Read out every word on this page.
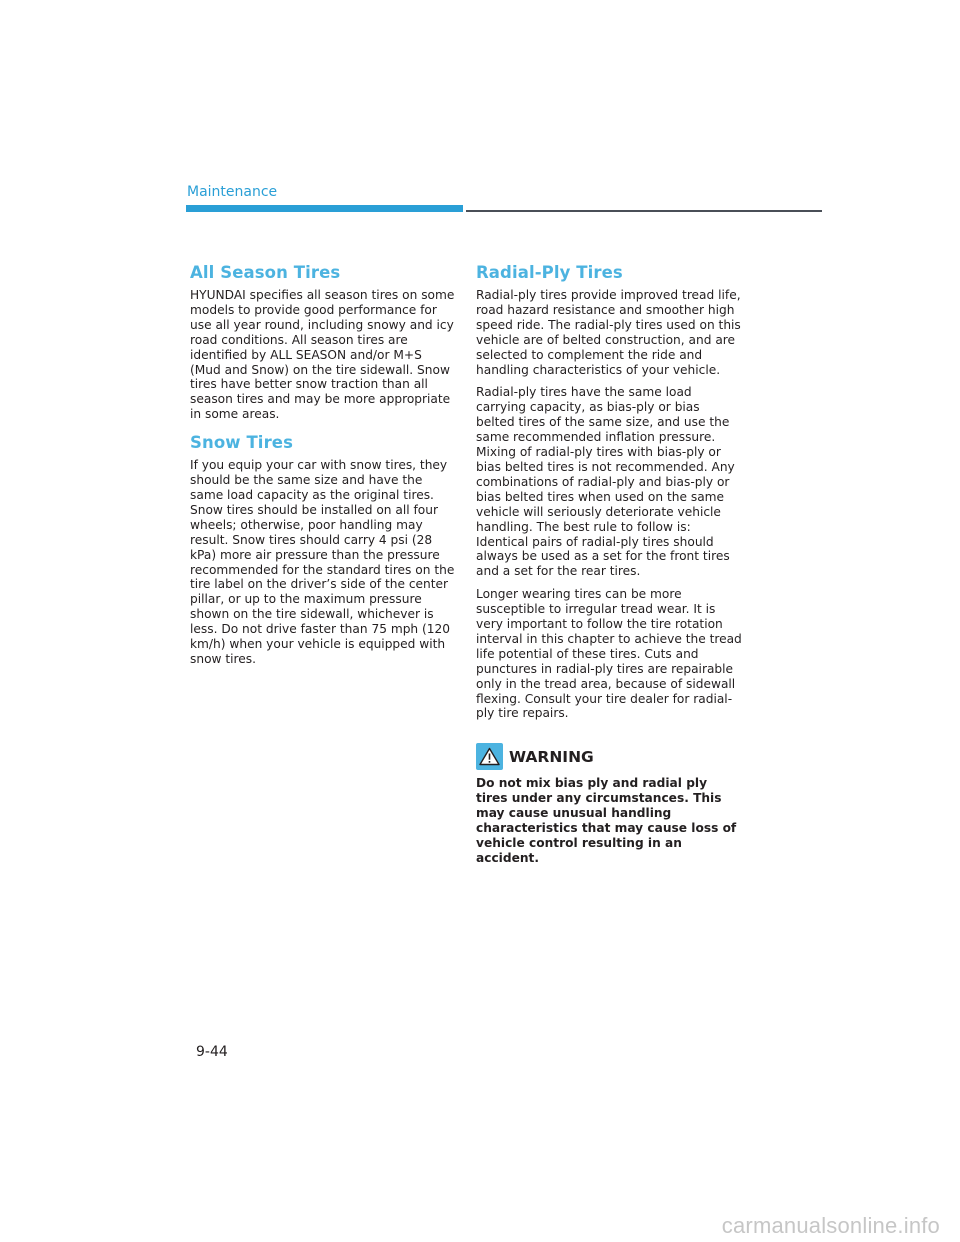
Maintenance
All Season Tires

HYUNDAI specifies all season tires on some models to provide good performance for use all year round, including snowy and icy road conditions. All season tires are identified by ALL SEASON and/or M+S (Mud and Snow) on the tire sidewall. Snow tires have better snow traction than all season tires and may be more appropriate in some areas.

Snow Tires

If you equip your car with snow tires, they should be the same size and have the same load capacity as the original tires. Snow tires should be installed on all four wheels; otherwise, poor handling may result. Snow tires should carry 4 psi (28 kPa) more air pressure than the pressure recommended for the standard tires on the tire label on the driver’s side of the center pillar, or up to the maximum pressure shown on the tire sidewall, whichever is less. Do not drive faster than 75 mph (120 km/h) when your vehicle is equipped with snow tires.

Radial-Ply Tires

Radial-ply tires provide improved tread life, road hazard resistance and smoother high speed ride. The radial-ply tires used on this vehicle are of belted construction, and are selected to complement the ride and handling characteristics of your vehicle.

Radial-ply tires have the same load carrying capacity, as bias-ply or bias belted tires of the same size, and use the same recommended inflation pressure. Mixing of radial-ply tires with bias-ply or bias belted tires is not recommended. Any combinations of radial-ply and bias-ply or bias belted tires when used on the same vehicle will seriously deteriorate vehicle handling. The best rule to follow is: Identical pairs of radial-ply tires should always be used as a set for the front tires and a set for the rear tires.

Longer wearing tires can be more susceptible to irregular tread wear. It is very important to follow the tire rotation interval in this chapter to achieve the tread life potential of these tires. Cuts and punctures in radial-ply tires are repairable only in the tread area, because of sidewall flexing. Consult your tire dealer for radial-ply tire repairs.

WARNING

Do not mix bias ply and radial ply tires under any circumstances. This may cause unusual handling characteristics that may cause loss of vehicle control resulting in an accident.

9-44
carmanualsonline.info
